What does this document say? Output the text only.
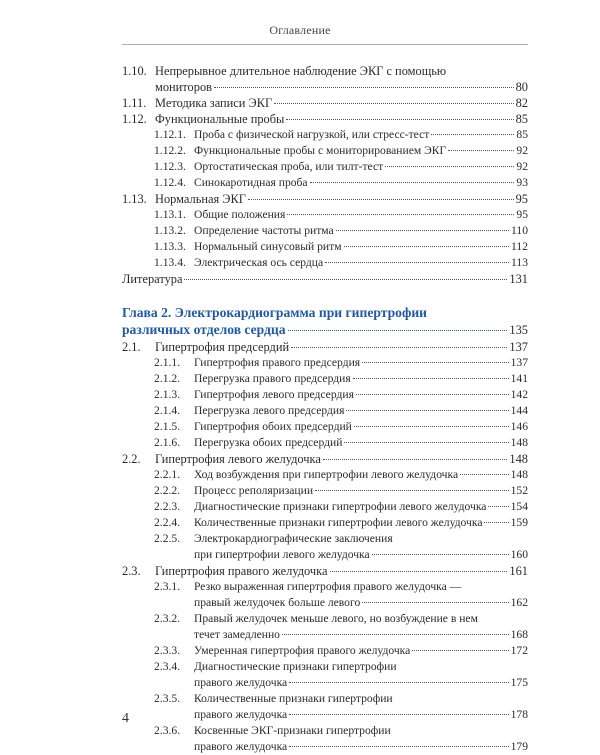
Оглавление
1.10. Непрерывное длительное наблюдение ЭКГ с помощью
мониторов	80
1.11. Методика записи ЭКГ	82
1.12. Функциональные пробы	85
1.12.1. Проба с физической нагрузкой, или стресс-тест	85
1.12.2. Функциональные пробы с мониторированием ЭКГ	92
1.12.3. Ортостатическая проба, или тилт-тест	92
1.12.4. Синокаротидная проба	93
1.13. Нормальная ЭКГ	95
1.13.1. Общие положения	95
1.13.2. Определение частоты ритма	110
1.13.3. Нормальный синусовый ритм	112
1.13.4. Электрическая ось сердца	113
Литература	131
Глава 2. Электрокардиограмма при гипертрофии
различных отделов сердца	135
2.1.	Гипертрофия предсердий	137
2.1.1.	Гипертрофия правого предсердия	137
2.1.2.	Перегрузка правого предсердия	141
2.1.3.	Гипертрофия левого предсердия	142
2.1.4.	Перегрузка левого предсердия	144
2.1.5.	Гипертрофия обоих предсердий	146
2.1.6.	Перегрузка обоих предсердий	148
2.2.	Гипертрофия левого желудочка	148
2.2.1.	Ход возбуждения при гипертрофии левого желудочка	148
2.2.2.	Процесс реполяризации	152
2.2.3.	Диагностические признаки гипертрофии левого желудочка 154
2.2.4.	Количественные признаки гипертрофии левого желудочка 159
2.2.5.	Электрокардиографические заключения
при гипертрофии левого желудочка	160
2.3.	Гипертрофия правого желудочка	161
2.3.1.	Резко выраженная гипертрофия правого желудочка —
правый желудочек больше левого	162
2.3.2.	Правый желудочек меньше левого, но возбуждение в нем
течет замедленно	168
2.3.3.	Умеренная гипертрофия правого желудочка	172
2.3.4.	Диагностические признаки гипертрофии
правого желудочка	175
2.3.5.	Количественные признаки гипертрофии
правого желудочка	178
2.3.6.	Косвенные ЭКГ-признаки гипертрофии
правого желудочка	179
4
